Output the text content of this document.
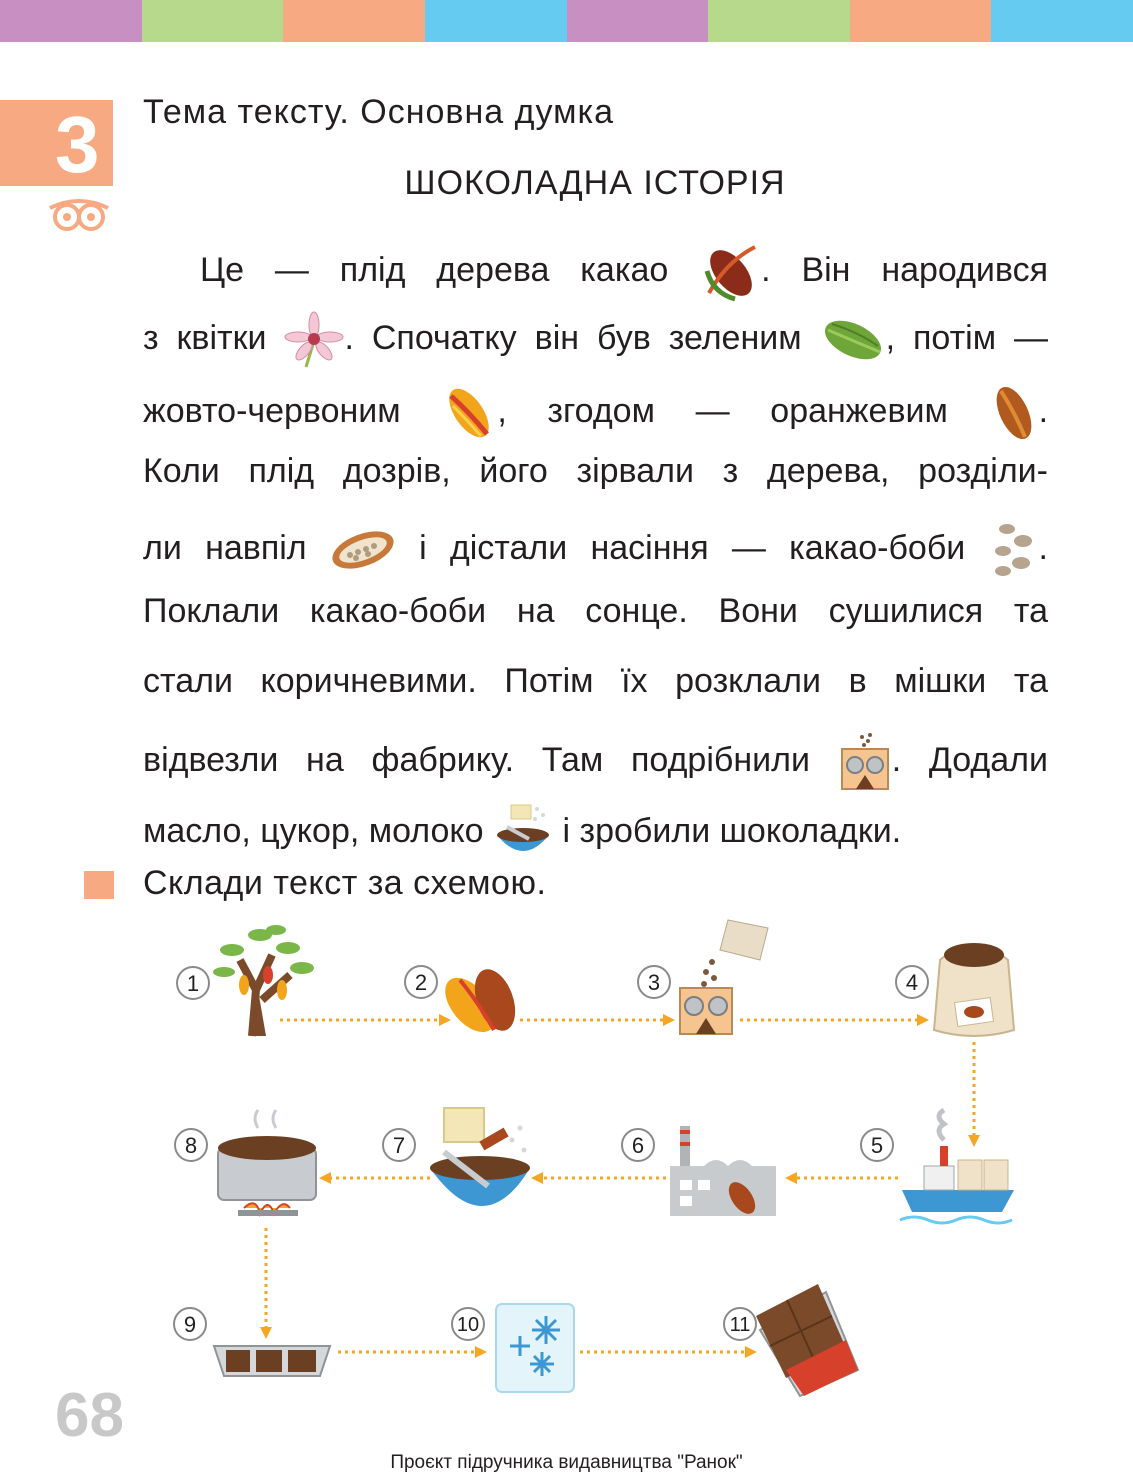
3	Тема тексту. Основна думка
ШОКОЛАДНА ІСТОРІЯ
Це — плід дерева какао	. Він народився
з квітки . Спочатку він був зеленим , потім —
жовто-червоним	, згодом — оранжевим	.
Коли плід дозрів, його зірвали з дерева, розділи-
ли навпіл	і дістали насіння — какао-боби .
Поклали какао-боби на сонце. Вони сушилися та
стали коричневими. Потім їх розклали в мішки та
відвезли на фабрику. Там подрібнили . Додали
масло, цукор, молоко і зробили шоколадки.
Склади текст за схемою.
1	2	3	4
5
6
7
8
9	10	11
68
Проєкт підручника видавництва "Ранок"
